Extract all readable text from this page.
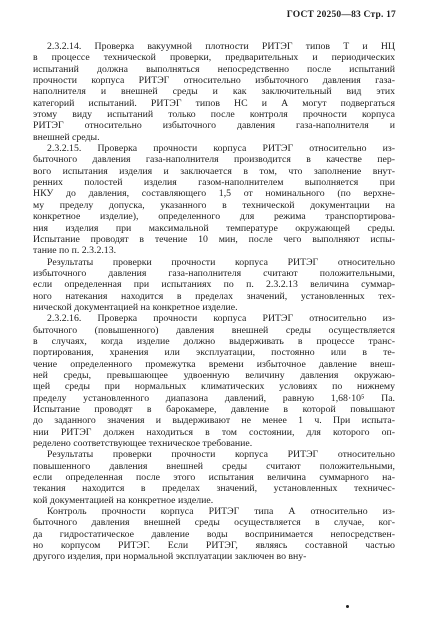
ГОСТ 20250—83 Стр. 17
2.3.2.14. Проверка вакуумной плотности РИТЭГ типов Т и НЦ
в процессе технической проверки, предварительных и периодических
испытаний должна выполняться непосредственно после испытаний
прочности корпуса РИТЭГ относительно избыточного давления газа-
наполнителя и внешней среды и как заключительный вид этих
категорий испытаний. РИТЭГ типов НС и А могут подвергаться
этому виду испытаний только после контроля прочности корпуса
РИТЭГ относительно избыточного давления газа-наполнителя и
внешней среды.
2.3.2.15. Проверка прочности корпуса РИТЭГ относительно из-
быточного давления газа-наполнителя производится в качестве пер-
вого испытания изделия и заключается в том, что заполнение внут-
ренних полостей изделия газом-наполнителем выполняется при
НКУ до давления, составляющего 1,5 от номинального (по верхне-
му пределу допуска, указанного в технической документации на
конкретное изделие), определенного для режима транспортирова-
ния изделия при максимальной температуре окружающей среды.
Испытание проводят в течение 10 мин, после чего выполняют испы-
тание по п. 2.3.2.13.
Результаты проверки прочности корпуса РИТЭГ относительно
избыточного давления газа-наполнителя считают положительными,
если определенная при испытаниях по п. 2.3.2.13 величина суммар-
ного натекания находится в пределах значений, установленных тех-
нической документацией на конкретное изделие.
2.3.2.16. Проверка прочности корпуса РИТЭГ относительно из-
быточного (повышенного) давления внешней среды осуществляется
в случаях, когда изделие должно выдерживать в процессе транс-
портирования, хранения или эксплуатации, постоянно или в те-
чение определенного промежутка времени избыточное давление внеш-
ней среды, превышающее удвоенную величину давления окружаю-
щей среды при нормальных климатических условиях по нижнему
пределу установленного диапазона давлений, равную 1,68·10⁵ Па.
Испытание проводят в барокамере, давление в которой повышают
до заданного значения и выдерживают не менее 1 ч. При испыта-
нии РИТЭГ должен находиться в том состоянии, для которого оп-
ределено соответствующее техническое требование.
Результаты проверки прочности корпуса РИТЭГ относительно
повышенного давления внешней среды считают положительными,
если определенная после этого испытания величина суммарного на-
текания находится в пределах значений, установленных техничес-
кой документацией на конкретное изделие.
Контроль прочности корпуса РИТЭГ типа А относительно из-
быточного давления внешней среды осуществляется в случае, ког-
да гидростатическое давление воды воспринимается непосредствен-
но корпусом РИТЭГ. Если РИТЭГ, являясь составной частью
другого изделия, при нормальной эксплуатации заключен во вну-
